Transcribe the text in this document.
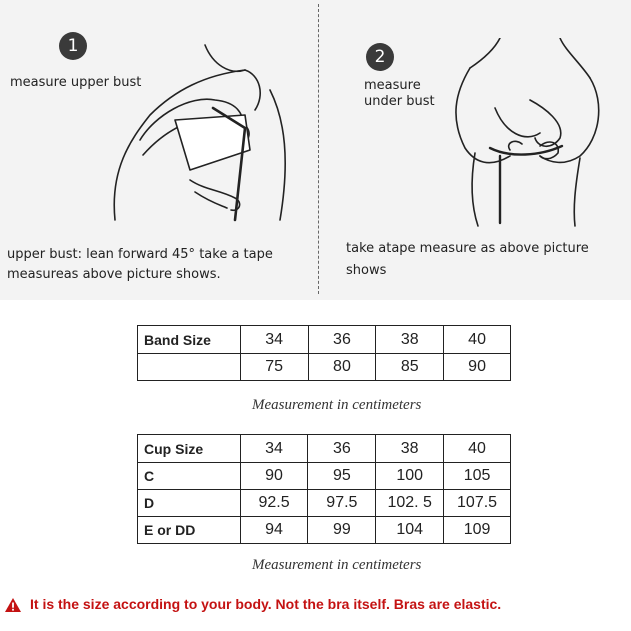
1
measure upper bust
upper bust: lean forward 45° take a tape
measureas above picture shows.
2
measure
under bust
take atape measure as above picture shows
Band Size	34	36	38	40
	75	80	85	90
Measurement in centimeters
Cup Size	34	36	38	40
C	90	95	100	105
D	92.5	97.5	102. 5	107.5
E or DD	94	99	104	109
Measurement in centimeters
It is the size according to your body. Not the bra itself. Bras are elastic.
